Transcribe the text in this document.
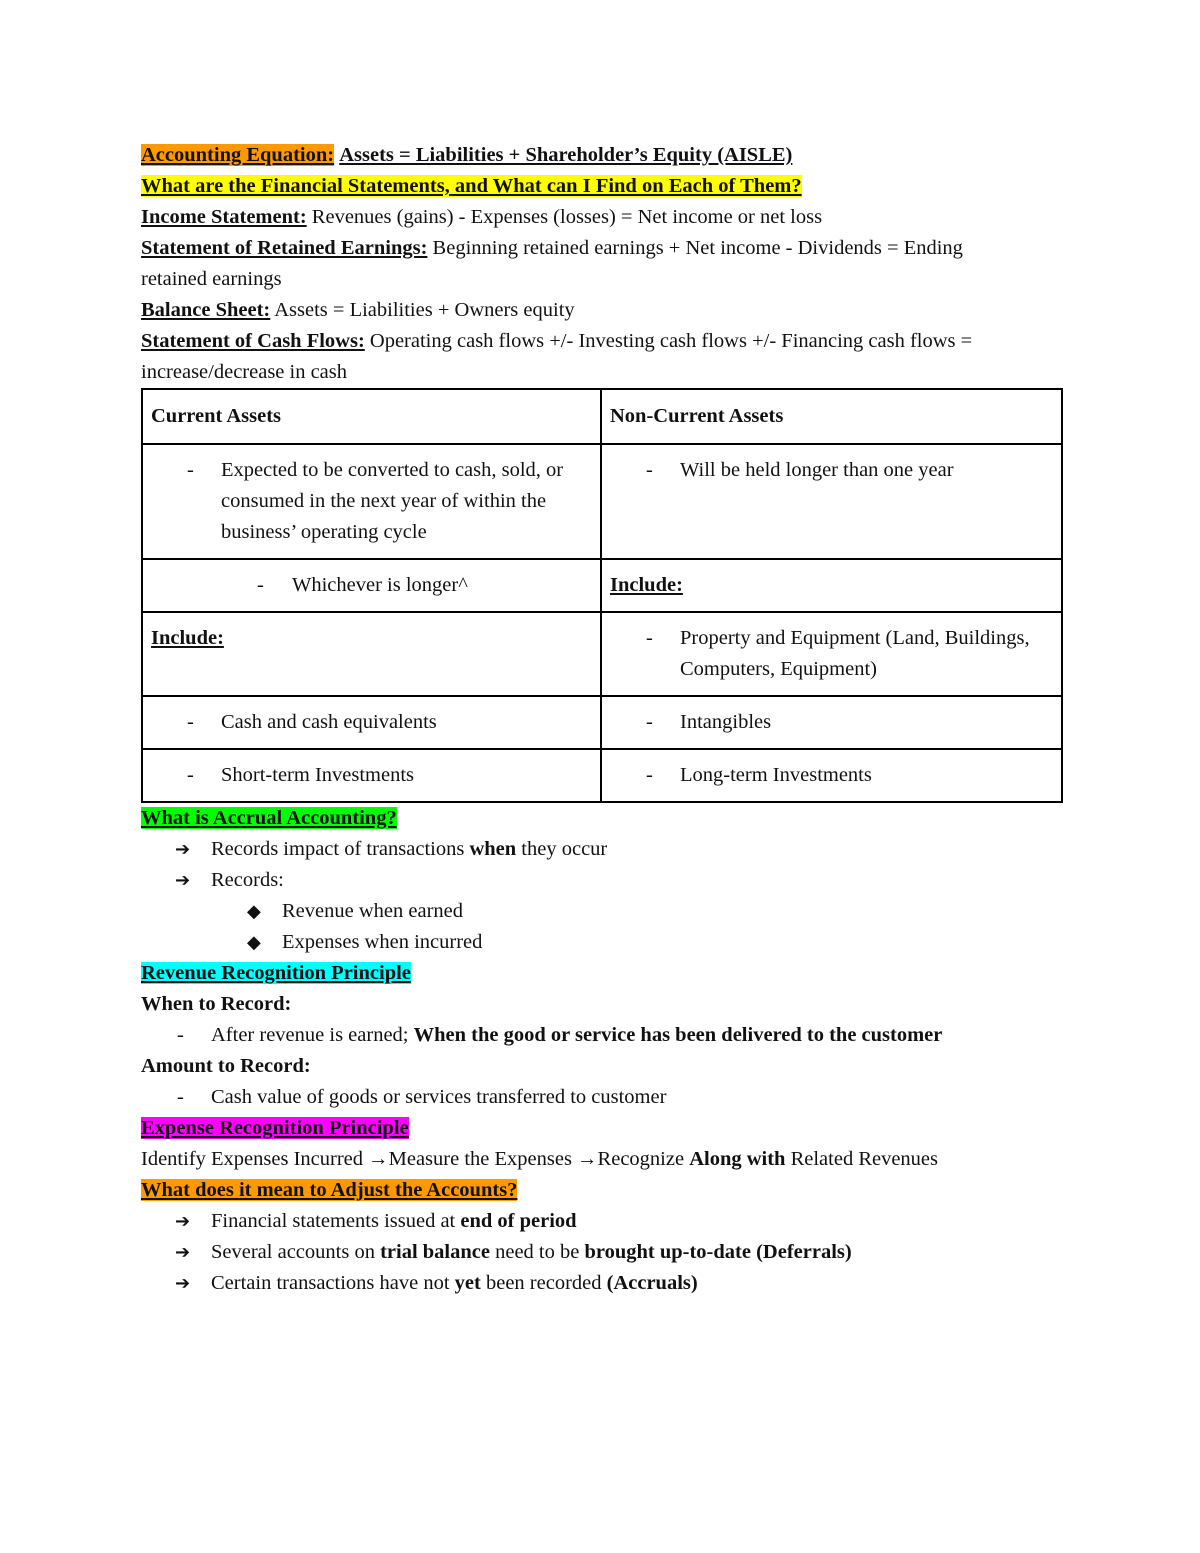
Accounting Equation: Assets = Liabilities + Shareholder’s Equity (AISLE)
What are the Financial Statements, and What can I Find on Each of Them?
Income Statement: Revenues (gains) - Expenses (losses) = Net income or net loss
Statement of Retained Earnings: Beginning retained earnings + Net income - Dividends = Ending retained earnings
Balance Sheet: Assets = Liabilities + Owners equity
Statement of Cash Flows: Operating cash flows +/- Investing cash flows +/- Financing cash flows = increase/decrease in cash
Current Assets	Non-Current Assets

- Expected to be converted to cash, sold, or consumed in the next year of within the business’ operating cycle	- Will be held longer than one year

- Whichever is longer^	Include:
Include:	- Property and Equipment (Land, Buildings, Computers, Equipment)

- Cash and cash equivalents	- Intangibles

- Short-term Investments	- Long-term Investments
What is Accrual Accounting?
➔	Records impact of transactions when they occur
➔	Records:
◆	Revenue when earned
◆	Expenses when incurred
Revenue Recognition Principle
When to Record:
-	After revenue is earned; When the good or service has been delivered to the customer
Amount to Record:
-	Cash value of goods or services transferred to customer
Expense Recognition Principle
Identify Expenses Incurred →Measure the Expenses →Recognize Along with Related Revenues
What does it mean to Adjust the Accounts?
➔	Financial statements issued at end of period
➔	Several accounts on trial balance need to be brought up-to-date (Deferrals)
➔	Certain transactions have not yet been recorded (Accruals)
